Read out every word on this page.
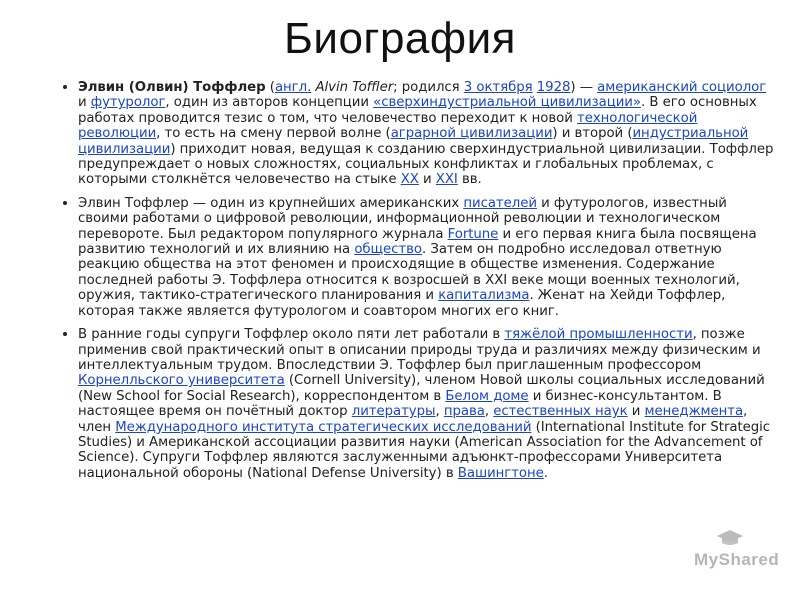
Биография
• Элвин (Олвин) Тоффлер (англ. Alvin Toffler; родился 3 октября 1928) — американский социолог и футуролог, один из авторов концепции «сверхиндустриальной цивилизации». В его основных работах проводится тезис о том, что человечество переходит к новой технологической революции, то есть на смену первой волне (аграрной цивилизации) и второй (индустриальной цивилизации) приходит новая, ведущая к созданию сверхиндустриальной цивилизации. Тоффлер предупреждает о новых сложностях, социальных конфликтах и глобальных проблемах, с которыми столкнётся человечество на стыке XX и XXI вв.
• Элвин Тоффлер — один из крупнейших американских писателей и футурологов, известный своими работами о цифровой революции, информационной революции и технологическом перевороте. Был редактором популярного журнала Fortune и его первая книга была посвящена развитию технологий и их влиянию на общество. Затем он подробно исследовал ответную реакцию общества на этот феномен и происходящие в обществе изменения. Содержание последней работы Э. Тоффлера относится к возросшей в XXI веке мощи военных технологий, оружия, тактико-стратегического планирования и капитализма. Женат на Хейди Тоффлер, которая также является футурологом и соавтором многих его книг.
• В ранние годы супруги Тоффлер около пяти лет работали в тяжёлой промышленности, позже применив свой практический опыт в описании природы труда и различиях между физическим и интеллектуальным трудом. Впоследствии Э. Тоффлер был приглашенным профессором Корнелльского университета (Cornell University), членом Новой школы социальных исследований (New School for Social Research), корреспондентом в Белом доме и бизнес-консультантом. В настоящее время он почётный доктор литературы, права, естественных наук и менеджмента, член Международного института стратегических исследований (International Institute for Strategic Studies) и Американской ассоциации развития науки (American Association for the Advancement of Science). Супруги Тоффлер являются заслуженными адъюнкт-профессорами Университета национальной обороны (National Defense University) в Вашингтоне.
MyShared
